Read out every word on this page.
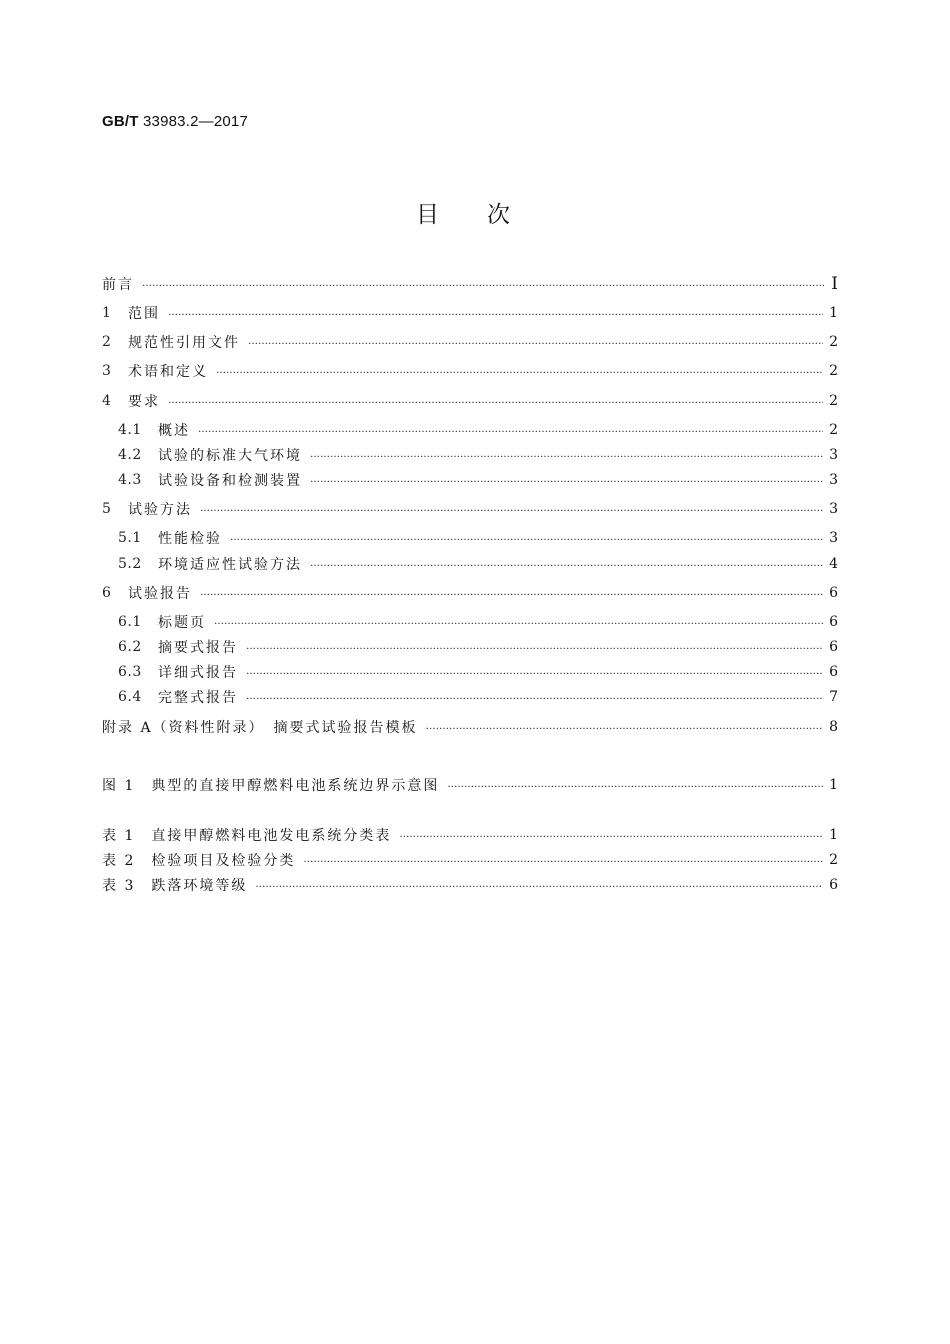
GB/T 33983.2—2017
目次
前言 ……………………………………………………………………………………………………………………………………………………………………………………………	Ⅰ
1	范围 ……………………………………………………………………………………………………………………………………………………………………………………………	1
2	规范性引用文件 ……………………………………………………………………………………………………………………………………………………………………………………………	2
3	术语和定义 ……………………………………………………………………………………………………………………………………………………………………………………………	2
4	要求 ……………………………………………………………………………………………………………………………………………………………………………………………	2
4.1	概述 ……………………………………………………………………………………………………………………………………………………………………………………………	2
4.2	试验的标准大气环境 ……………………………………………………………………………………………………………………………………………………………………………………………	3
4.3	试验设备和检测装置 ……………………………………………………………………………………………………………………………………………………………………………………………	3
5	试验方法 ……………………………………………………………………………………………………………………………………………………………………………………………	3
5.1	性能检验 ……………………………………………………………………………………………………………………………………………………………………………………………	3
5.2	环境适应性试验方法 ……………………………………………………………………………………………………………………………………………………………………………………………	4
6	试验报告 ……………………………………………………………………………………………………………………………………………………………………………………………	6
6.1	标题页 ……………………………………………………………………………………………………………………………………………………………………………………………	6
6.2	摘要式报告 ……………………………………………………………………………………………………………………………………………………………………………………………	6
6.3	详细式报告 ……………………………………………………………………………………………………………………………………………………………………………………………	6
6.4	完整式报告 ……………………………………………………………………………………………………………………………………………………………………………………………	7
附录 A（资料性附录）　摘要式试验报告模板 ……………………………………………………………………………………………………………………………………………………………………………………………	8
图 1　典型的直接甲醇燃料电池系统边界示意图 ……………………………………………………………………………………………………………………………………………………………………………………………	1
表 1　直接甲醇燃料电池发电系统分类表 ……………………………………………………………………………………………………………………………………………………………………………………………	1
表 2　检验项目及检验分类 ……………………………………………………………………………………………………………………………………………………………………………………………	2
表 3　跌落环境等级 ……………………………………………………………………………………………………………………………………………………………………………………………	6
